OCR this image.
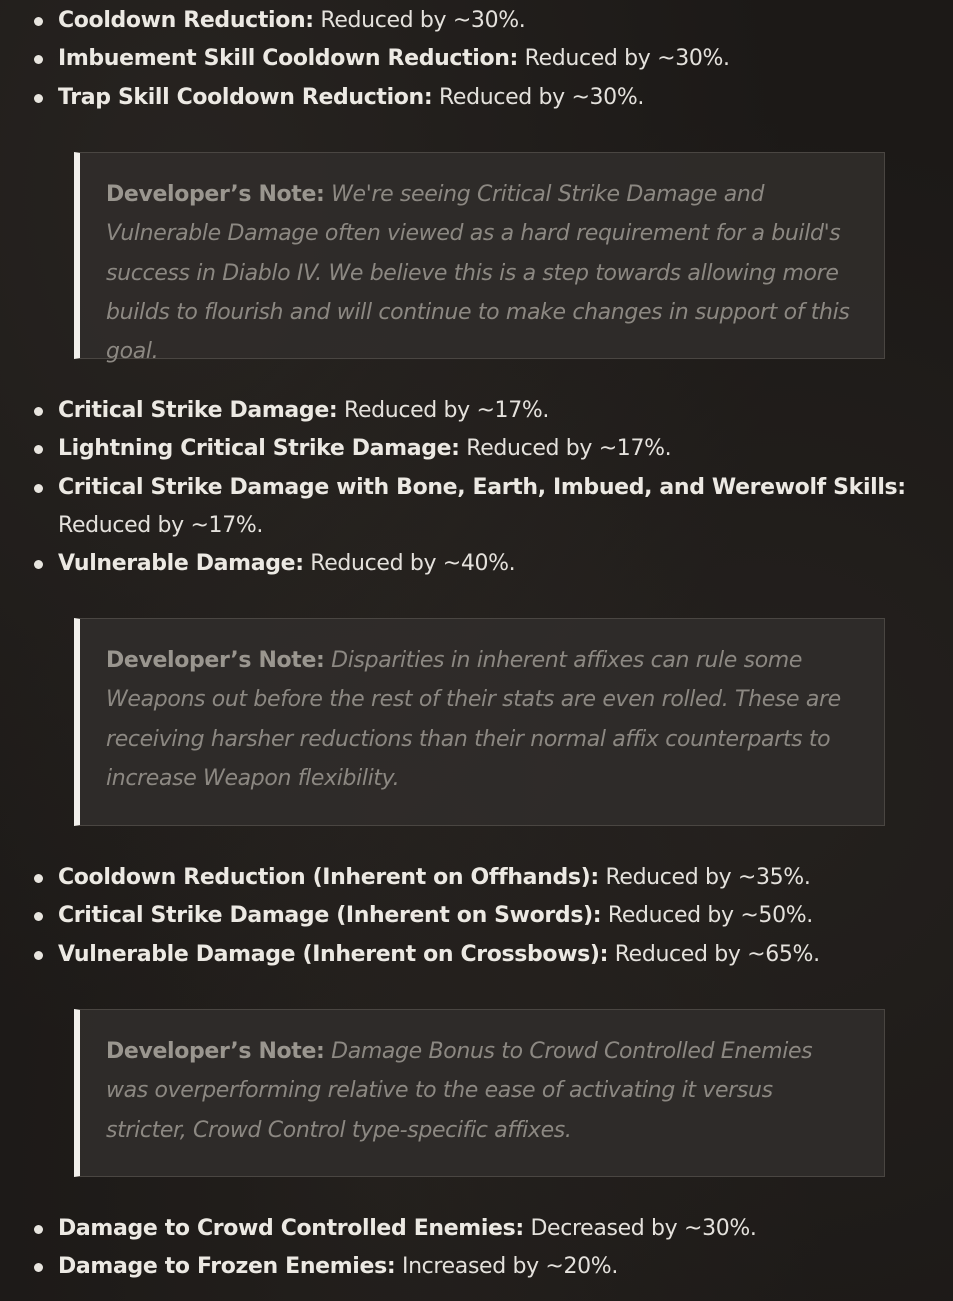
Cooldown Reduction: Reduced by ~30%.
Imbuement Skill Cooldown Reduction: Reduced by ~30%.
Trap Skill Cooldown Reduction: Reduced by ~30%.

Developer’s Note: We're seeing Critical Strike Damage and Vulnerable Damage often viewed as a hard requirement for a build's success in Diablo IV. We believe this is a step towards allowing more builds to flourish and will continue to make changes in support of this goal.

Critical Strike Damage: Reduced by ~17%.
Lightning Critical Strike Damage: Reduced by ~17%.
Critical Strike Damage with Bone, Earth, Imbued, and Werewolf Skills: Reduced by ~17%.
Vulnerable Damage: Reduced by ~40%.

Developer’s Note: Disparities in inherent affixes can rule some Weapons out before the rest of their stats are even rolled. These are receiving harsher reductions than their normal affix counterparts to increase Weapon flexibility.

Cooldown Reduction (Inherent on Offhands): Reduced by ~35%.
Critical Strike Damage (Inherent on Swords): Reduced by ~50%.
Vulnerable Damage (Inherent on Crossbows): Reduced by ~65%.

Developer’s Note: Damage Bonus to Crowd Controlled Enemies was overperforming relative to the ease of activating it versus stricter, Crowd Control type-specific affixes.

Damage to Crowd Controlled Enemies: Decreased by ~30%.
Damage to Frozen Enemies: Increased by ~20%.
